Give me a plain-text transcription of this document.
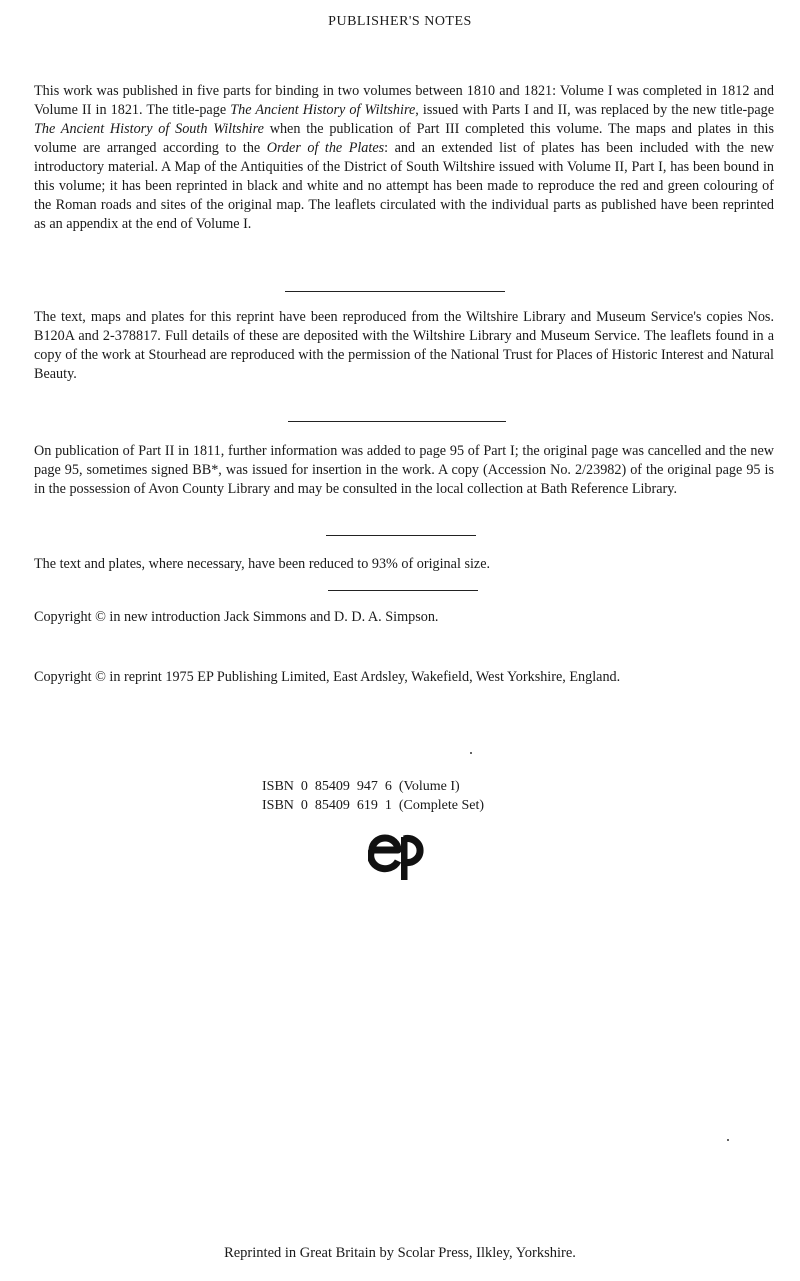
PUBLISHER'S NOTES

This work was published in five parts for binding in two volumes between 1810 and 1821: Volume I was completed in 1812 and Volume II in 1821. The title-page The Ancient History of Wiltshire, issued with Parts I and II, was replaced by the new title-page The Ancient History of South Wiltshire when the publication of Part III completed this volume. The maps and plates in this volume are arranged according to the Order of the Plates: and an extended list of plates has been included with the new introductory material. A Map of the Antiquities of the District of South Wiltshire issued with Volume II, Part I, has been bound in this volume; it has been reprinted in black and white and no attempt has been made to reproduce the red and green colouring of the Roman roads and sites of the original map. The leaflets circulated with the individual parts as published have been reprinted as an appendix at the end of Volume I.

The text, maps and plates for this reprint have been reproduced from the Wiltshire Library and Museum Service's copies Nos. B120A and 2-378817. Full details of these are deposited with the Wiltshire Library and Museum Service. The leaflets found in a copy of the work at Stourhead are reproduced with the permission of the National Trust for Places of Historic Interest and Natural Beauty.

On publication of Part II in 1811, further information was added to page 95 of Part I; the original page was cancelled and the new page 95, sometimes signed BB*, was issued for insertion in the work. A copy (Accession No. 2/23982) of the original page 95 is in the possession of Avon County Library and may be consulted in the local collection at Bath Reference Library.

The text and plates, where necessary, have been reduced to 93% of original size.

Copyright © in new introduction Jack Simmons and D. D. A. Simpson.

Copyright © in reprint 1975 EP Publishing Limited, East Ardsley, Wakefield, West Yorkshire, England.

ISBN  0  85409  947  6  (Volume I)
ISBN  0  85409  619  1  (Complete Set)
Reprinted in Great Britain by Scolar Press, Ilkley, Yorkshire.
